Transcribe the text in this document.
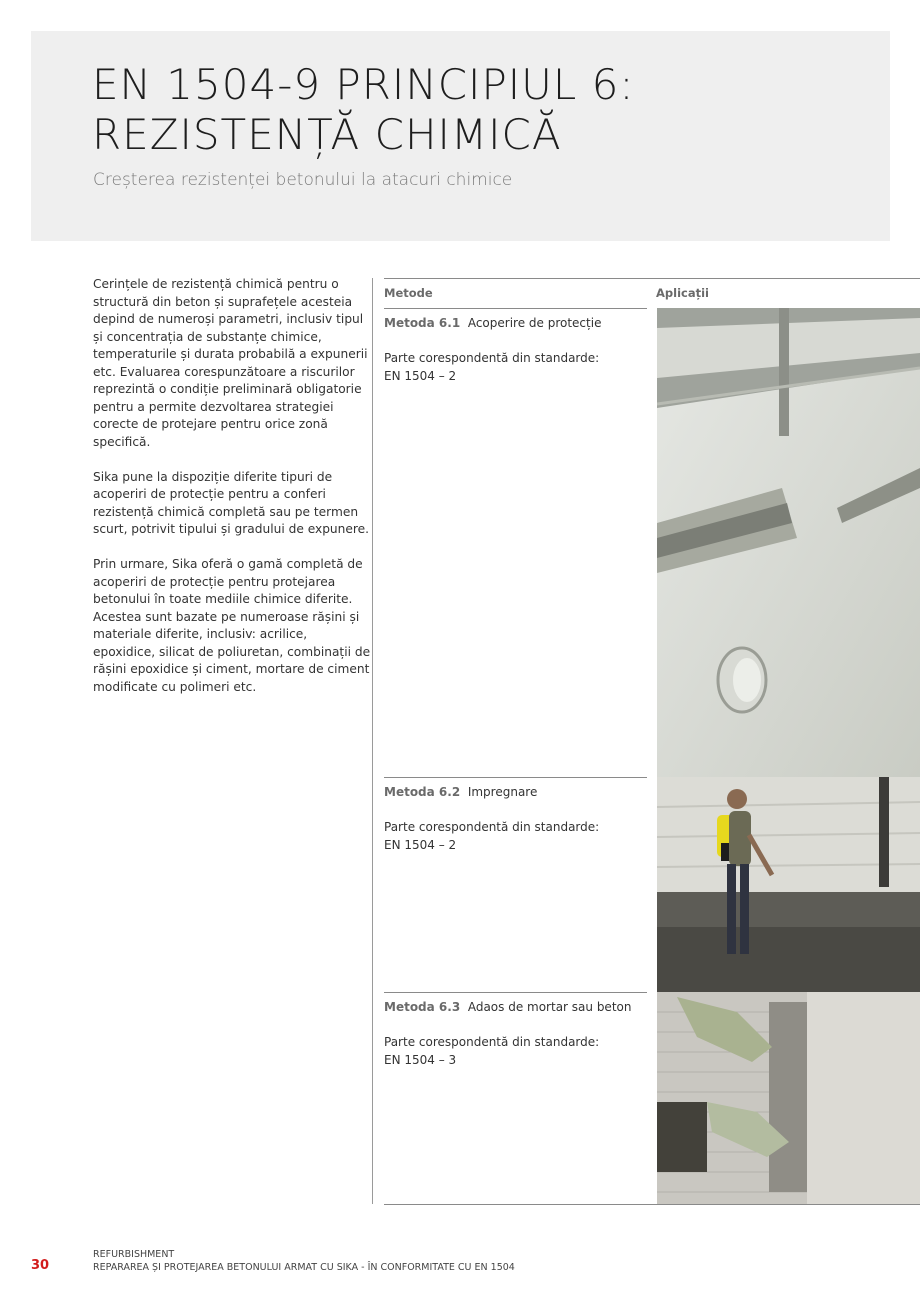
EN 1504-9 PRINCIPIUL 6:
REZISTENȚĂ CHIMICĂ
Creșterea rezistenței betonului la atacuri chimice

Cerințele de rezistență chimică pentru o structură din beton și suprafețele acesteia depind de numeroși parametri, inclusiv tipul și concentrația de substanțe chimice, temperaturile și durata probabilă a expunerii etc. Evaluarea corespunzătoare a riscurilor reprezintă o condiție preliminară obligatorie pentru a permite dezvoltarea strategiei corecte de protejare pentru orice zonă specifică.

Sika pune la dispoziție diferite tipuri de acoperiri de protecție pentru a conferi rezistență chimică completă sau pe termen scurt, potrivit tipului și gradului de expunere.

Prin urmare, Sika oferă o gamă completă de acoperiri de protecție pentru protejarea betonului în toate mediile chimice diferite. Acestea sunt bazate pe numeroase rășini și materiale diferite, inclusiv: acrilice, epoxidice, silicat de poliuretan, combinații de rășini epoxidice și ciment, mortare de ciment modificate cu polimeri etc.

Metode	Aplicații
Metoda 6.1 Acoperire de protecție
Parte corespondentă din standarde:
EN 1504 – 2
Metoda 6.2 Impregnare
Parte corespondentă din standarde:
EN 1504 – 2
Metoda 6.3 Adaos de mortar sau beton
Parte corespondentă din standarde:
EN 1504 – 3
30
REFURBISHMENT
REPARAREA ȘI PROTEJAREA BETONULUI ARMAT CU SIKA - ÎN CONFORMITATE CU EN 1504
